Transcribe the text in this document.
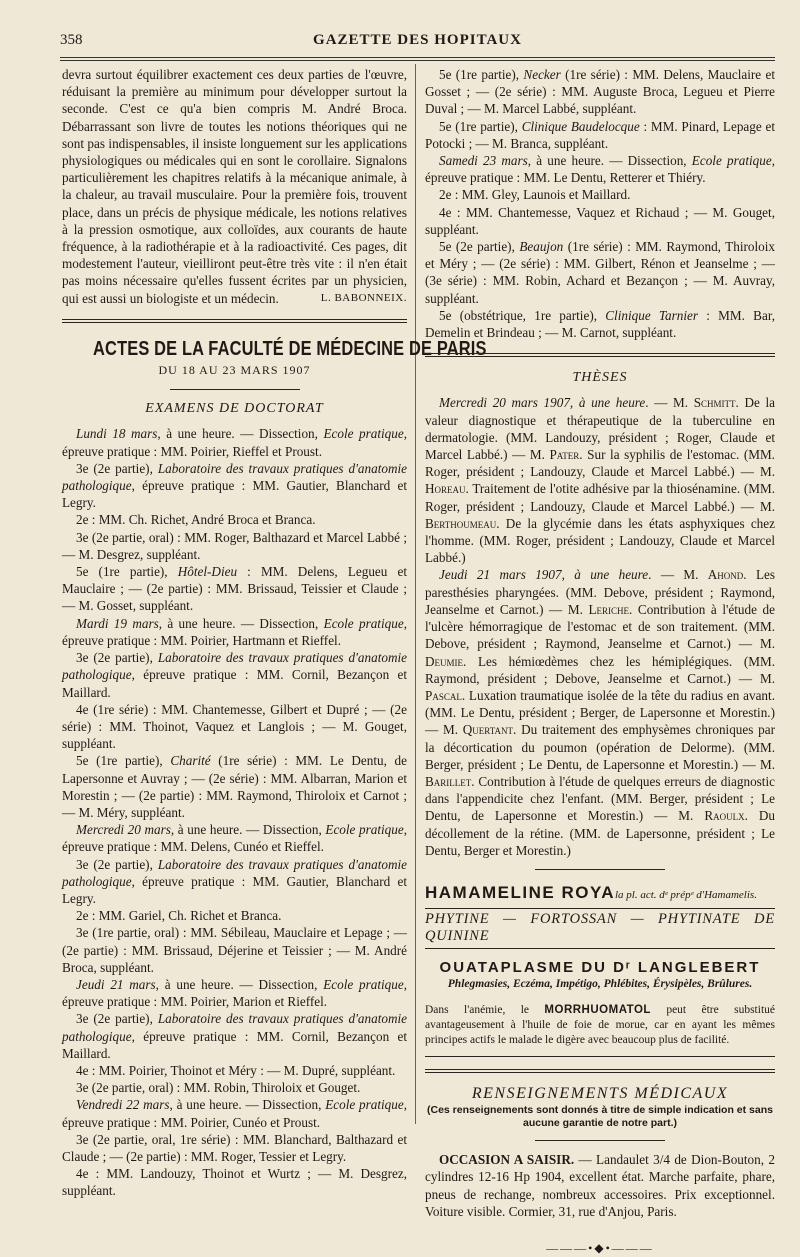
358	GAZETTE DES HOPITAUX

devra surtout équilibrer exactement ces deux parties de l'œuvre, réduisant la première au minimum pour développer surtout la seconde. C'est ce qu'a bien compris M. André Broca. Débarrassant son livre de toutes les notions théoriques qui ne sont pas indispensables, il insiste longuement sur les applications physiologiques ou médicales qui en sont le corollaire. Signalons particulièrement les chapitres relatifs à la mécanique animale, à la chaleur, au travail musculaire. Pour la première fois, trouvent place, dans un précis de physique médicale, les notions relatives à la pression osmotique, aux colloïdes, aux courants de haute fréquence, à la radiothérapie et à la radioactivité. Ces pages, dit modestement l'auteur, vieilliront peut-être très vite : il n'en était pas moins nécessaire qu'elles fussent écrites par un physicien, qui est aussi un biologiste et un médecin.	L. BABONNEIX.

ACTES DE LA FACULTÉ DE MÉDECINE DE PARIS
DU 18 AU 23 MARS 1907
EXAMENS DE DOCTORAT

Lundi 18 mars, à une heure. — Dissection, Ecole pratique, épreuve pratique : MM. Poirier, Rieffel et Proust.

3e (2e partie), Laboratoire des travaux pratiques d'anatomie pathologique, épreuve pratique : MM. Gautier, Blanchard et Legry.

2e : MM. Ch. Richet, André Broca et Branca.

3e (2e partie, oral) : MM. Roger, Balthazard et Marcel Labbé ; — M. Desgrez, suppléant.

5e (1re partie), Hôtel-Dieu : MM. Delens, Legueu et Mauclaire ; — (2e partie) : MM. Brissaud, Teissier et Claude ; — M. Gosset, suppléant.

Mardi 19 mars, à une heure. — Dissection, Ecole pratique, épreuve pratique : MM. Poirier, Hartmann et Rieffel.

3e (2e partie), Laboratoire des travaux pratiques d'anatomie pathologique, épreuve pratique : MM. Cornil, Bezançon et Maillard.

4e (1re série) : MM. Chantemesse, Gilbert et Dupré ; — (2e série) : MM. Thoinot, Vaquez et Langlois ; — M. Gouget, suppléant.

5e (1re partie), Charité (1re série) : MM. Le Dentu, de Lapersonne et Auvray ; — (2e série) : MM. Albarran, Marion et Morestin ; — (2e partie) : MM. Raymond, Thiroloix et Carnot ; — M. Méry, suppléant.

Mercredi 20 mars, à une heure. — Dissection, Ecole pratique, épreuve pratique : MM. Delens, Cunéo et Rieffel.

3e (2e partie), Laboratoire des travaux pratiques d'anatomie pathologique, épreuve pratique : MM. Gautier, Blanchard et Legry.

2e : MM. Gariel, Ch. Richet et Branca.

3e (1re partie, oral) : MM. Sébileau, Mauclaire et Lepage ; — (2e partie) : MM. Brissaud, Déjerine et Teissier ; — M. André Broca, suppléant.

Jeudi 21 mars, à une heure. — Dissection, Ecole pratique, épreuve pratique : MM. Poirier, Marion et Rieffel.

3e (2e partie), Laboratoire des travaux pratiques d'anatomie pathologique, épreuve pratique : MM. Cornil, Bezançon et Maillard.

4e : MM. Poirier, Thoinot et Méry : — M. Dupré, suppléant.

3e (2e partie, oral) : MM. Robin, Thiroloix et Gouget.

Vendredi 22 mars, à une heure. — Dissection, Ecole pratique, épreuve pratique : MM. Poirier, Cunéo et Proust.

3e (2e partie, oral, 1re série) : MM. Blanchard, Balthazard et Claude ; — (2e partie) : MM. Roger, Tessier et Legry.

4e : MM. Landouzy, Thoinot et Wurtz ; — M. Desgrez, suppléant.

5e (1re partie), Necker (1re série) : MM. Delens, Mauclaire et Gosset ; — (2e série) : MM. Auguste Broca, Legueu et Pierre Duval ; — M. Marcel Labbé, suppléant.

5e (1re partie), Clinique Baudelocque : MM. Pinard, Lepage et Potocki ; — M. Branca, suppléant.

Samedi 23 mars, à une heure. — Dissection, Ecole pratique, épreuve pratique : MM. Le Dentu, Retterer et Thiéry.

2e : MM. Gley, Launois et Maillard.

4e : MM. Chantemesse, Vaquez et Richaud ; — M. Gouget, suppléant.

5e (2e partie), Beaujon (1re série) : MM. Raymond, Thiroloix et Méry ; — (2e série) : MM. Gilbert, Rénon et Jeanselme ; — (3e série) : MM. Robin, Achard et Bezançon ; — M. Auvray, suppléant.

5e (obstétrique, 1re partie), Clinique Tarnier : MM. Bar, Demelin et Brindeau ; — M. Carnot, suppléant.

THÈSES

Mercredi 20 mars 1907, à une heure. — M. Schmitt. De la valeur diagnostique et thérapeutique de la tuberculine en dermatologie. (MM. Landouzy, président ; Roger, Claude et Marcel Labbé.) — M. Pater. Sur la syphilis de l'estomac. (MM. Roger, président ; Landouzy, Claude et Marcel Labbé.) — M. Horeau. Traitement de l'otite adhésive par la thiosénamine. (MM. Roger, président ; Landouzy, Claude et Marcel Labbé.) — M. Berthoumeau. De la glycémie dans les états asphyxiques chez l'homme. (MM. Roger, président ; Landouzy, Claude et Marcel Labbé.)

Jeudi 21 mars 1907, à une heure. — M. Ahond. Les paresthésies pharyngées. (MM. Debove, président ; Raymond, Jeanselme et Carnot.) — M. Leriche. Contribution à l'étude de l'ulcère hémorragique de l'estomac et de son traitement. (MM. Debove, président ; Raymond, Jeanselme et Carnot.) — M. Deumie. Les hémiœdèmes chez les hémiplégiques. (MM. Raymond, président ; Debove, Jeanselme et Carnot.) — M. Pascal. Luxation traumatique isolée de la tête du radius en avant. (MM. Le Dentu, président ; Berger, de Lapersonne et Morestin.) — M. Quertant. Du traitement des emphysèmes chroniques par la décortication du poumon (opération de Delorme). (MM. Berger, président ; Le Dentu, de Lapersonne et Morestin.) — M. Barillet. Contribution à l'étude de quelques erreurs de diagnostic dans l'appendicite chez l'enfant. (MM. Berger, président ; Le Dentu, de Lapersonne et Morestin.) — M. Raoulx. Du décollement de la rétine. (MM. de Lapersonne, président ; Le Dentu, Berger et Morestin.)

HAMAMELINE ROYAla pl. act. dᵉ prépᵉ d'Hamamelis.
PHYTINE — FORTOSSAN — PHYTINATE DE QUININE
OUATAPLASME DU Dʳ LANGLEBERT
Phlegmasies, Eczéma, Impétigo, Phlébites, Érysipèles, Brûlures.
Dans l'anémie, le MORRHUOMATOL peut être substitué avantageusement à l'huile de foie de morue, car en ayant les mêmes principes actifs le malade le digère avec beaucoup plus de facilité.
RENSEIGNEMENTS MÉDICAUX
(Ces renseignements sont donnés à titre de simple indication et sans aucune garantie de notre part.)

OCCASION A SAISIR. — Landaulet 3/4 de Dion-Bouton, 2 cylindres 12-16 Hp 1904, excellent état. Marche parfaite, phare, pneus de rechange, nombreux accessoires. Prix exceptionnel. Voiture visible. Cormier, 31, rue d'Anjou, Paris.

———•◆•———
